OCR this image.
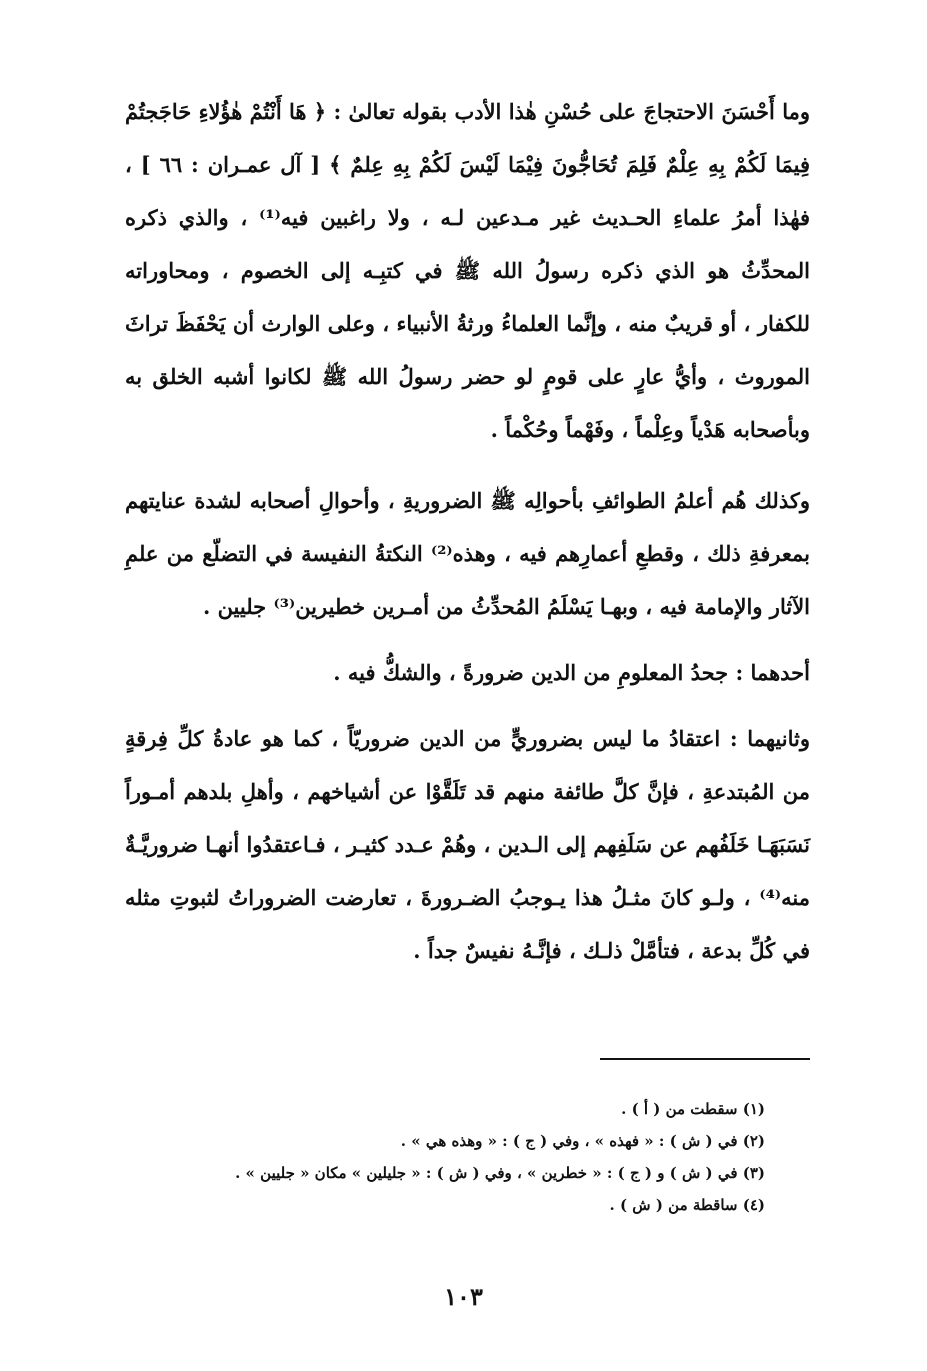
وما أَحْسَنَ الاحتجاجَ على حُسْنِ هٰذا الأدب بقوله تعالىٰ : ﴿ هَا أَنْتُمْ هٰؤُلاءِ حَاجَجتُمْ فِيمَا لَكُمْ بِهِ عِلْمٌ فَلِمَ تُحَاجُّونَ فِيْمَا لَيْسَ لَكُمْ بِهِ عِلمٌ ﴾ [ آل عمـران : ٦٦ ] ، فهٰذا أمرُ علماءِ الحـديث غير مـدعين لـه ، ولا راغبين فيه⁽¹⁾ ، والذي ذكره المحدِّثُ هو الذي ذكره رسولُ الله ﷺ في كتبِـه إلى الخصوم ، ومحاوراته للكفار ، أو قريبٌ منه ، وإنَّما العلماءُ ورثةُ الأنبياء ، وعلى الوارث أن يَحْفَظَ تراثَ الموروث ، وأيُّ عارٍ على قومٍ لو حضر رسولُ الله ﷺ لكانوا أشبه الخلق به وبأصحابه هَدْياً وعِلْماً ، وفَهْماً وحُكْماً .

وكذلك هُم أعلمُ الطوائفِ بأحوالِه ﷺ الضروريةِ ، وأحوالِ أصحابه لشدة عنايتهم بمعرفةِ ذلك ، وقطعِ أعمارِهم فيه ، وهذه⁽²⁾ النكتةُ النفيسة في التضلّع من علمِ الآثار والإمامة فيه ، وبهـا يَسْلَمُ المُحدِّثُ من أمـرين خطيرين⁽³⁾ جليين .

أحدهما : جحدُ المعلومِ من الدين ضرورةً ، والشكُّ فيه .

وثانيهما : اعتقادُ ما ليس بضروريٍّ من الدين ضروريّاً ، كما هو عادةُ كلِّ فِرقةٍ من المُبتدعةِ ، فإنَّ كلَّ طائفة منهم قد تَلَقَّوْا عن أشياخهم ، وأهلِ بلدهم أمـوراً نَسَبَهَـا خَلَفُهم عن سَلَفِهم إلى الـدين ، وهُمْ عـدد كثيـر ، فـاعتقدُوا أنهـا ضروريَّـةٌ منه⁽⁴⁾ ، ولـو كانَ مثـلُ هذا يـوجبُ الضـرورةَ ، تعارضت الضروراتُ لثبوتِ مثله في كُلِّ بدعة ، فتأمَّلْ ذلـك ، فإنَّـهُ نفيسٌ جداً .

(١) سقطت من ( أ ) .

(٢) في ( ش ) : « فهذه » ، وفي ( ج ) : « وهذه هي » .

(٣) في ( ش ) و ( ج ) : « خطرين » ، وفي ( ش ) : « جليلين » مكان « جليين » .

(٤) ساقطة من ( ش ) .

١٠٣
